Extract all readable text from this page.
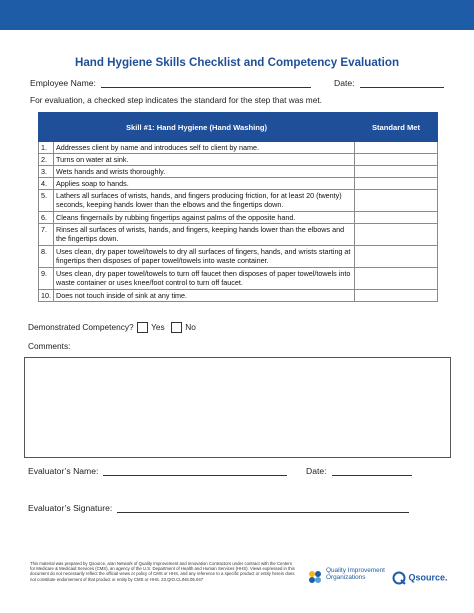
Hand Hygiene Skills Checklist and Competency Evaluation
Employee Name:	Date:
For evaluation, a checked step indicates the standard for the step that was met.
Skill #1: Hand Hygiene (Hand Washing)		Standard Met
1.	Addresses client by name and introduces self to client by name.	
2.	Turns on water at sink.	
3.	Wets hands and wrists thoroughly.	
4.	Applies soap to hands.	
5.	Lathers all surfaces of wrists, hands, and fingers producing friction, for at least 20 (twenty) seconds, keeping hands lower than the elbows and the fingertips down.	
6.	Cleans fingernails by rubbing fingertips against palms of the opposite hand.	
7.	Rinses all surfaces of wrists, hands, and fingers, keeping hands lower than the elbows and the fingertips down.	
8.	Uses clean, dry paper towel/towels to dry all surfaces of fingers, hands, and wrists starting at fingertips then disposes of paper towel/towels into waste container.	
9.	Uses clean, dry paper towel/towels to turn off faucet then disposes of paper towel/towels into waste container or uses knee/foot control to turn off faucet.	
10.	Does not touch inside of sink at any time.	
Demonstrated Competency? Yes No
Comments:
Evaluator’s Name:	Date:
Evaluator’s Signature:
This material was prepared by Qsource, a/an Network of Quality Improvement and Innovation Contractors under contract with the Centers for Medicare & Medicaid Services (CMS), an agency of the U.S. Department of Health and Human Services (HHS). Views expressed in this document do not necessarily reflect the official views or policy of CMS or HHS, and any reference to a specific product or entity herein does not constitute endorsement of that product or entity by CMS or HHS. 23.QIO.CLINS.05.047
Quality Improvement
Organizations	Qsource.
